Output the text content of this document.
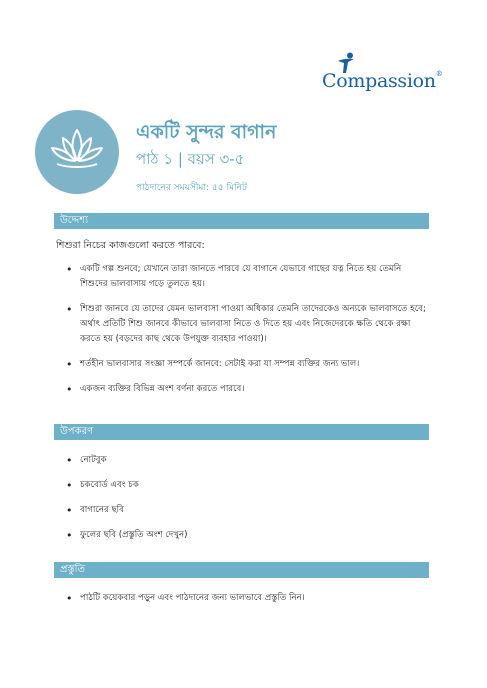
Compassion®
একটি সুন্দর বাগান
পাঠ ১ | বয়স ৩-৫
পাঠদানের সময়সীমা: ৫৫ মিনিট
উদ্দেশ্য
শিশুরা নিচের কাজগুলো করতে পারবে:
• একটি গল্প শুনবে; যেখানে তারা জানতে পারবে যে বাগানে যেভাবে গাছের যত্ন নিতে হয় তেমনি শিশুদের ভালবাসায় গড়ে তুলতে হয়।
• শিশুরা জানবে যে তাদের যেমন ভালবাসা পাওয়া অধিকার তেমনি তাদেরকেও অন্যকে ভালবাসতে হবে; অর্থাৎ প্রতিটি শিশু জানবে কীভাবে ভালবাসা নিতে ও দিতে হয় এবং নিজেদেরকে ক্ষতি থেকে রক্ষা করতে হয় (বড়দের কাছ থেকে উপযুক্ত ব্যবহার পাওয়া)।
• শর্তহীন ভালবাসার সংজ্ঞা সম্পর্কে জানবে: সেটাই করা যা সম্পন্ন ব্যক্তির জন্য ভাল।
• একজন ব্যক্তির বিভিন্ন অংশ বর্ণনা করতে পারবে।
উপকরণ
• নোটবুক
• চকবোর্ড এবং চক
• বাগানের ছবি
• ফুলের ছবি (প্রস্তুতি অংশ দেখুন)
প্রস্তুতি
• পাঠটি কয়েকবার পড়ুন এবং পাঠদানের জন্য ভালভাবে প্রস্তুতি নিন।
